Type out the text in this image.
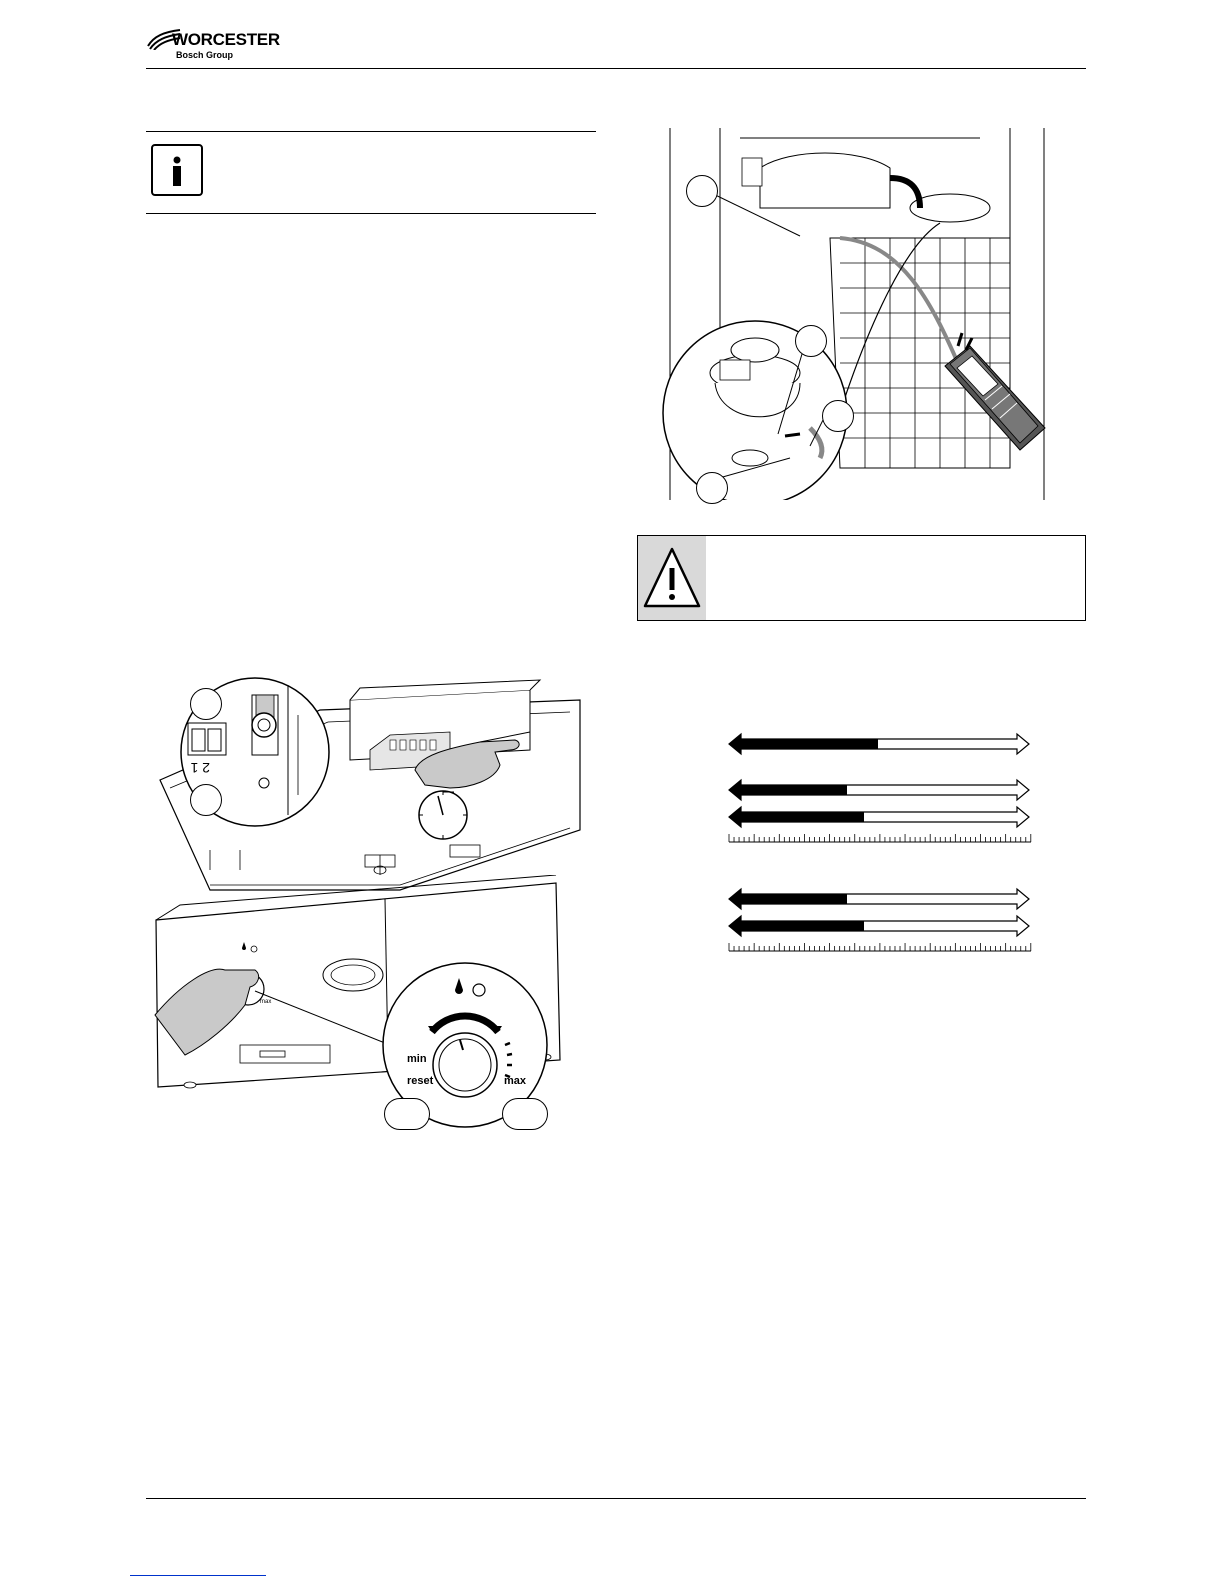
WORCESTER
Bosch Group
2 1
max
min
reset	max
